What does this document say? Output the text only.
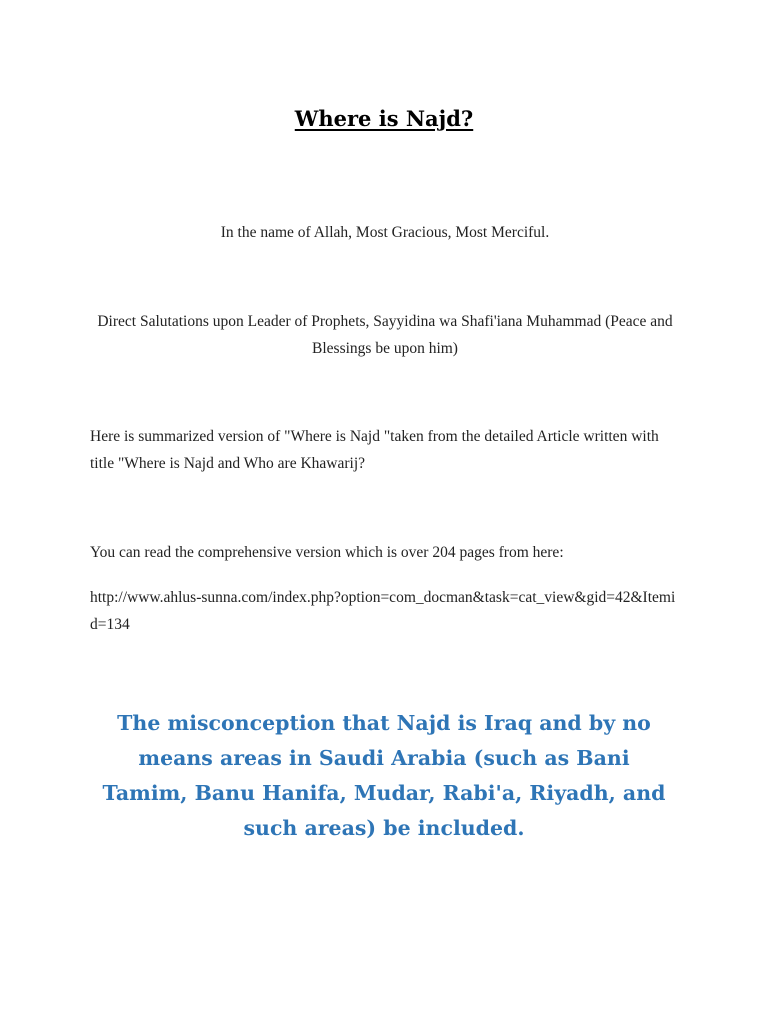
Where is Najd?
In the name of Allah, Most Gracious, Most Merciful.
Direct Salutations upon Leader of Prophets, Sayyidina wa Shafi'iana Muhammad (Peace and Blessings be upon him)
Here is summarized version of "Where is Najd "taken from the detailed Article written with title "Where is Najd and Who are Khawarij?
You can read the comprehensive version which is over 204 pages from here:
http://www.ahlus-sunna.com/index.php?option=com_docman&task=cat_view&gid=42&Itemid=134
The misconception that Najd is Iraq and by no means areas in Saudi Arabia (such as Bani Tamim, Banu Hanifa, Mudar, Rabi'a, Riyadh, and such areas) be included.
